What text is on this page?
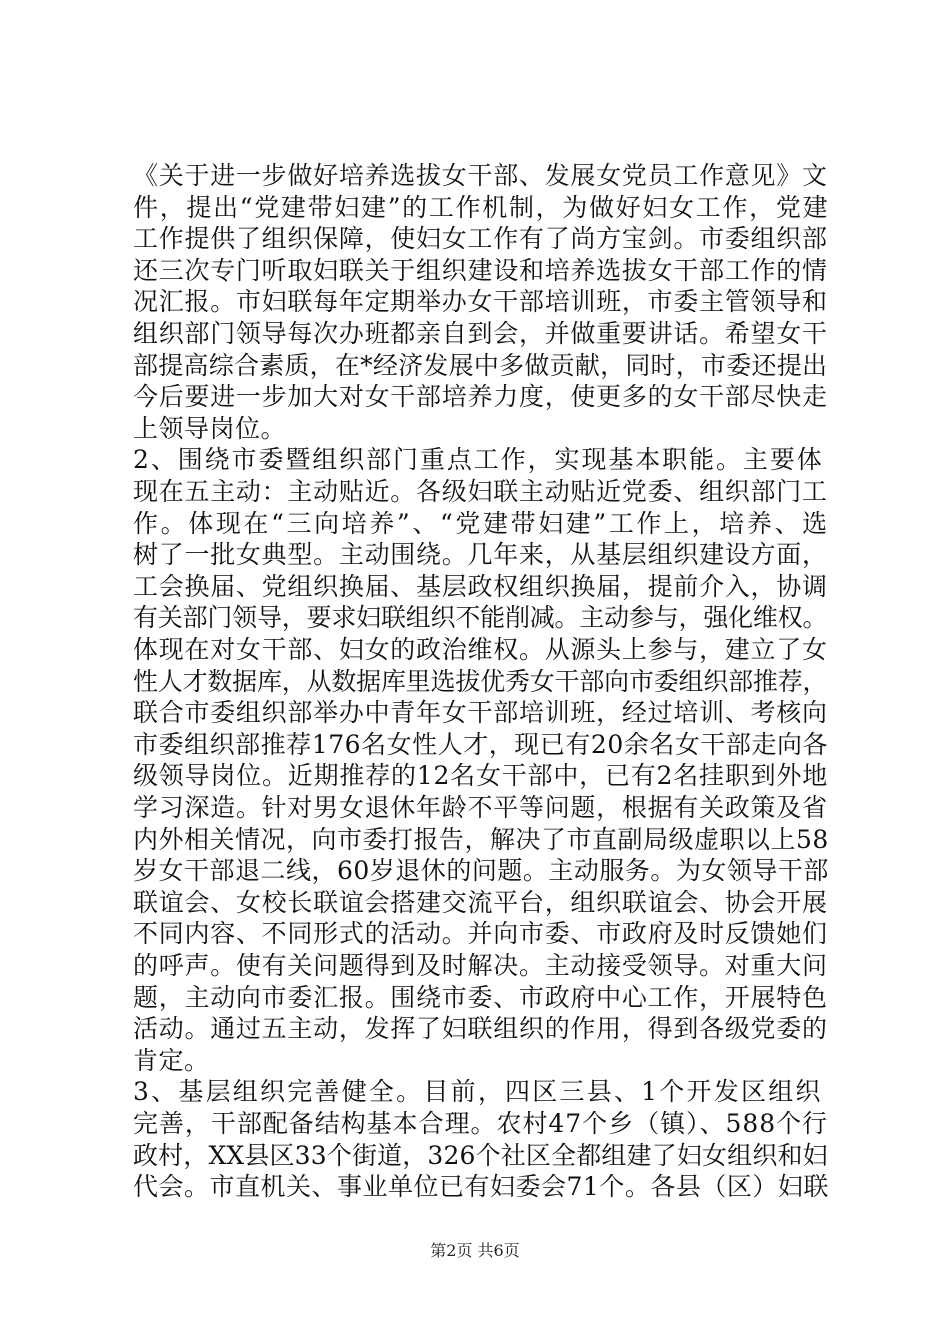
《关于进一步做好培养选拔女干部、发展女党员工作意见》文
件，提出“党建带妇建”的工作机制，为做好妇女工作，党建
工作提供了组织保障，使妇女工作有了尚方宝剑。市委组织部
还三次专门听取妇联关于组织建设和培养选拔女干部工作的情
况汇报。市妇联每年定期举办女干部培训班，市委主管领导和
组织部门领导每次办班都亲自到会，并做重要讲话。希望女干
部提高综合素质，在*经济发展中多做贡献，同时，市委还提出
今后要进一步加大对女干部培养力度，使更多的女干部尽快走
上领导岗位。
2、围绕市委暨组织部门重点工作，实现基本职能。主要体
现在五主动：主动贴近。各级妇联主动贴近党委、组织部门工
作。体现在“三向培养”、“党建带妇建”工作上，培养、选
树了一批女典型。主动围绕。几年来，从基层组织建设方面，
工会换届、党组织换届、基层政权组织换届，提前介入，协调
有关部门领导，要求妇联组织不能削减。主动参与，强化维权。
体现在对女干部、妇女的政治维权。从源头上参与，建立了女
性人才数据库，从数据库里选拔优秀女干部向市委组织部推荐，
联合市委组织部举办中青年女干部培训班，经过培训、考核向
市委组织部推荐176名女性人才，现已有20余名女干部走向各
级领导岗位。近期推荐的12名女干部中，已有2名挂职到外地
学习深造。针对男女退休年龄不平等问题，根据有关政策及省
内外相关情况，向市委打报告，解决了市直副局级虚职以上58
岁女干部退二线，60岁退休的问题。主动服务。为女领导干部
联谊会、女校长联谊会搭建交流平台，组织联谊会、协会开展
不同内容、不同形式的活动。并向市委、市政府及时反馈她们
的呼声。使有关问题得到及时解决。主动接受领导。对重大问
题，主动向市委汇报。围绕市委、市政府中心工作，开展特色
活动。通过五主动，发挥了妇联组织的作用，得到各级党委的
肯定。
3、基层组织完善健全。目前，四区三县、1个开发区组织
完善，干部配备结构基本合理。农村47个乡（镇）、588个行
政村，XX县区33个街道，326个社区全都组建了妇女组织和妇
代会。市直机关、事业单位已有妇委会71个。各县（区）妇联
第2页 共6页
